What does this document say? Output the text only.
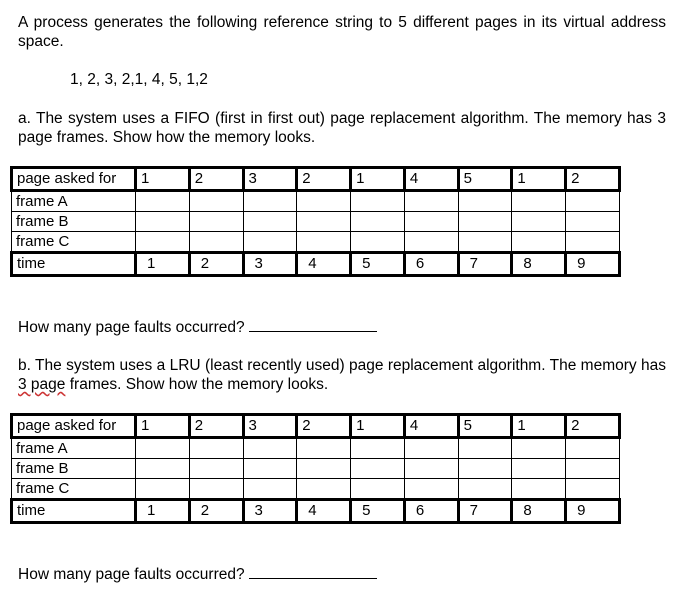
A process generates the following reference string to 5 different pages in its virtual address space.
1, 2, 3, 2,1, 4, 5, 1,2
a. The system uses a FIFO (first in first out) page replacement algorithm. The memory has 3 page frames. Show how the memory looks.
page asked for	1	2	3	2	1	4	5	1	2
frame A									
frame B									
frame C									
time	1	2	3	4	5	6	7	8	9
How many page faults occurred?
b. The system uses a LRU (least recently used) page replacement algorithm. The memory has 3 page frames. Show how the memory looks.
page asked for	1	2	3	2	1	4	5	1	2
frame A									
frame B									
frame C									
time	1	2	3	4	5	6	7	8	9
How many page faults occurred?
